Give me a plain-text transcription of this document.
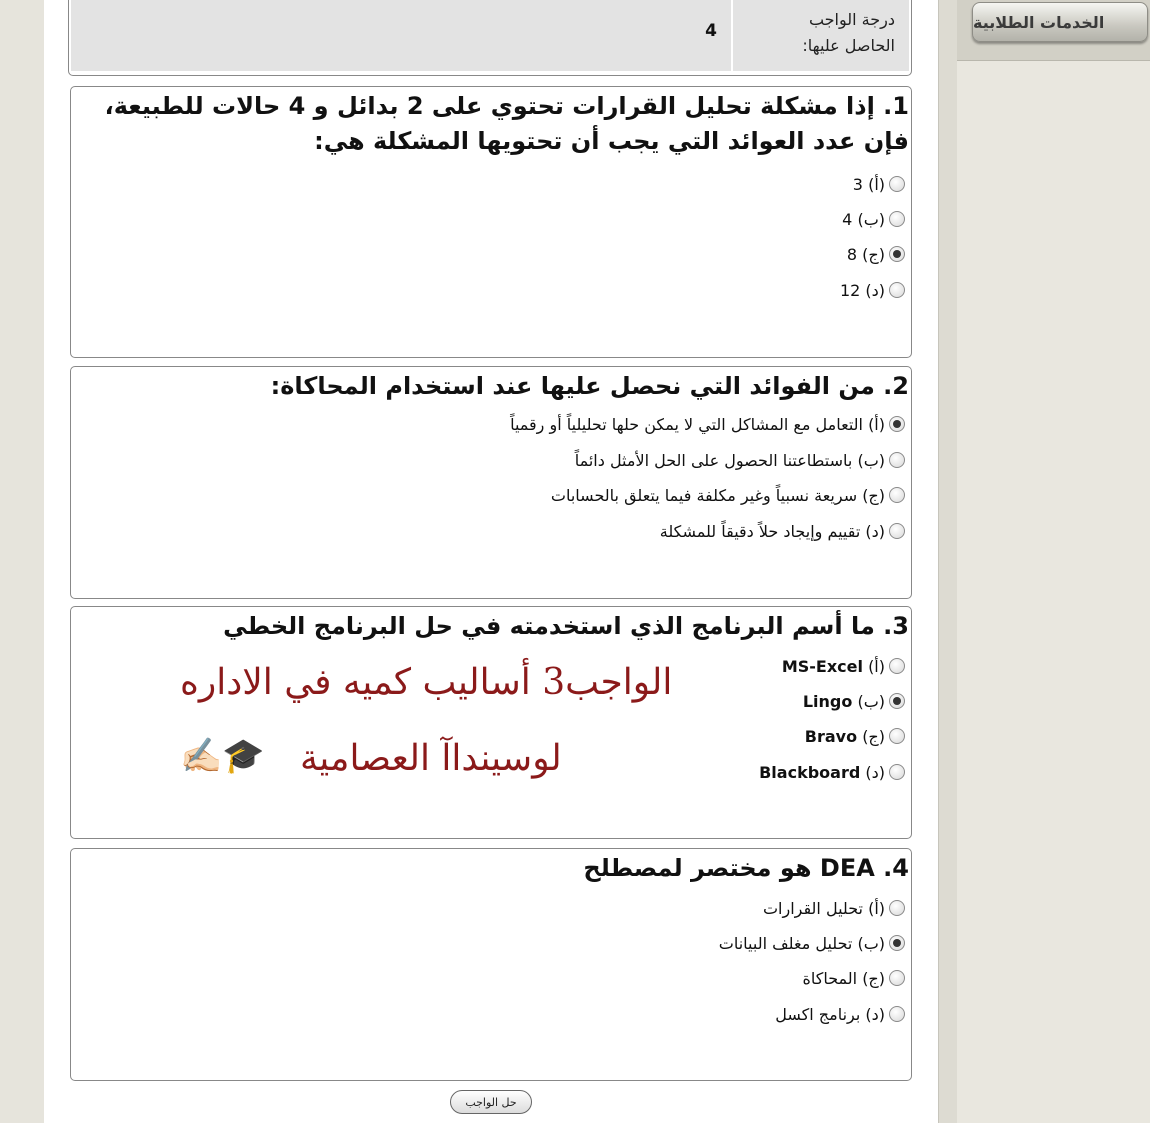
الخدمات الطلابية
4
درجة الواجب
الحاصل عليها:
1. إذا مشكلة تحليل القرارات تحتوي على 2 بدائل و 4 حالات للطبيعة، فإن عدد العوائد التي يجب أن تحتويها المشكلة هي:
(أ) 3
(ب) 4
(ج) 8
(د) 12
2. من الفوائد التي نحصل عليها عند استخدام المحاكاة:
(أ) التعامل مع المشاكل التي لا يمكن حلها تحليلياً أو رقمياً
(ب) باستطاعتنا الحصول على الحل الأمثل دائماً
(ج) سريعة نسبياً وغير مكلفة فيما يتعلق بالحسابات
(د) تقييم وإيجاد حلاً دقيقاً للمشكلة
3. ما أسم البرنامج الذي استخدمته في حل البرنامج الخطي
(أ)

MS-Excel
(ب)

Lingo
(ج)

Bravo
(د)

Blackboard
4. DEA هو مختصر لمصطلح
(أ) تحليل القرارات
(ب) تحليل مغلف البيانات
(ج) المحاكاة
(د) برنامج اكسل
حل الواجب
الواجب3 أساليب كميه في الاداره
لوسينداآ العصامية
✍🏻🎓
